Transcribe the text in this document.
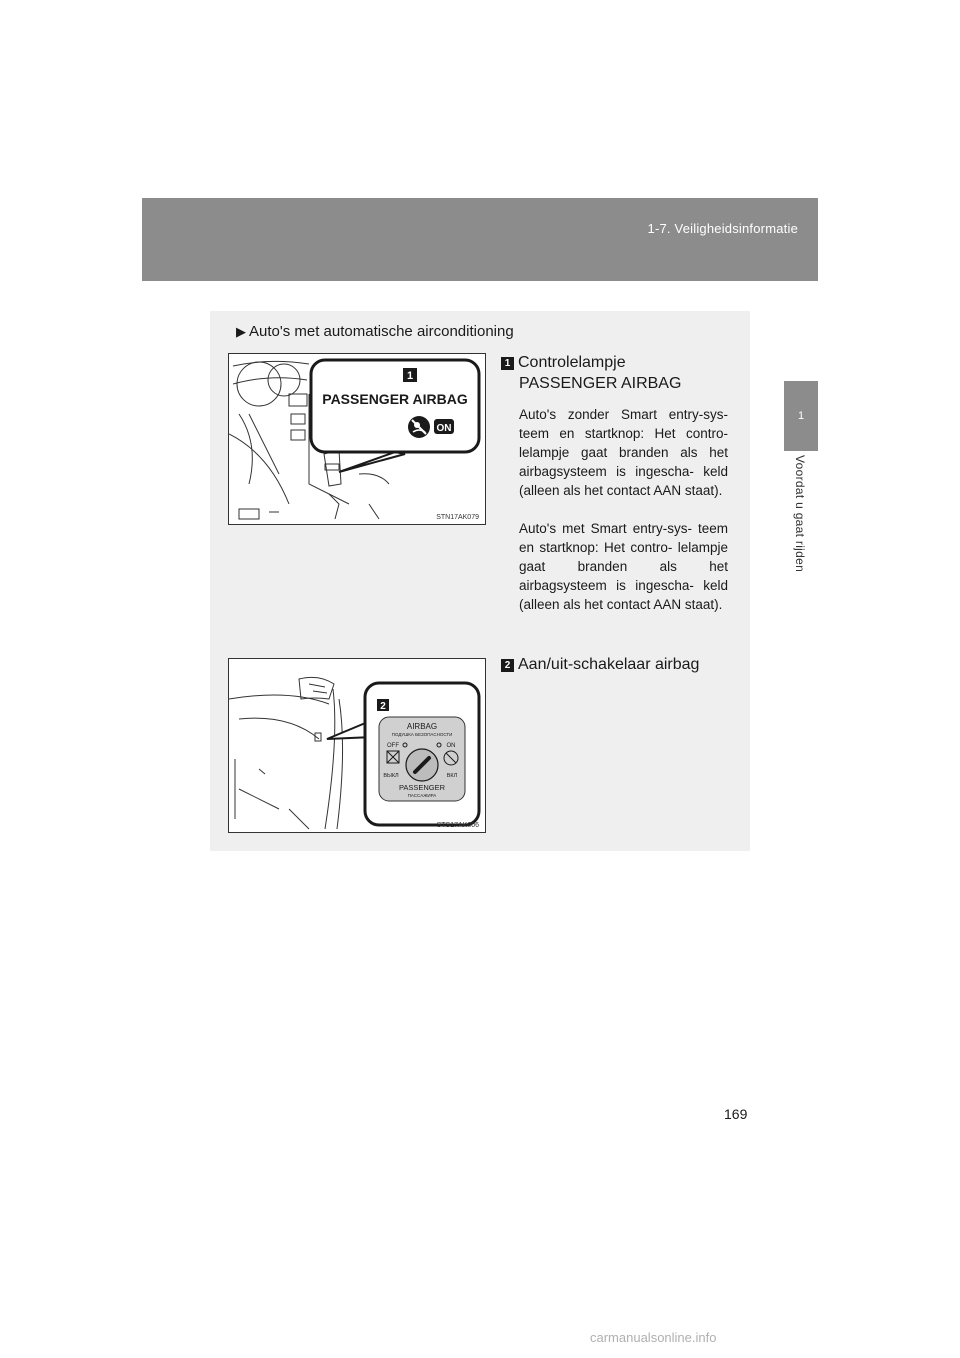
1-7. Veiligheidsinformatie
1
Voordat u gaat rijden
▶ Auto's met automatische airconditioning
1
PASSENGER AIRBAG
ON
STN17AK079
1 Controlelampje
PASSENGER AIRBAG
Auto's zonder Smart entry-sys- teem en startknop: Het contro- lelampje gaat branden als het airbagsysteem is ingescha- keld (alleen als het contact AAN staat).
Auto's met Smart entry-sys- teem en startknop: Het contro- lelampje gaat branden als het airbagsysteem is ingescha- keld (alleen als het contact AAN staat).
2
AIRBAG
ПОДУШКА БЕЗОПАСНОСТИ
OFF	ON
ВЫКЛ	ВКЛ
PASSENGER
ПАССАЖИРА
STS17AK006
2 Aan/uit-schakelaar airbag
169
carmanualsonline.info
